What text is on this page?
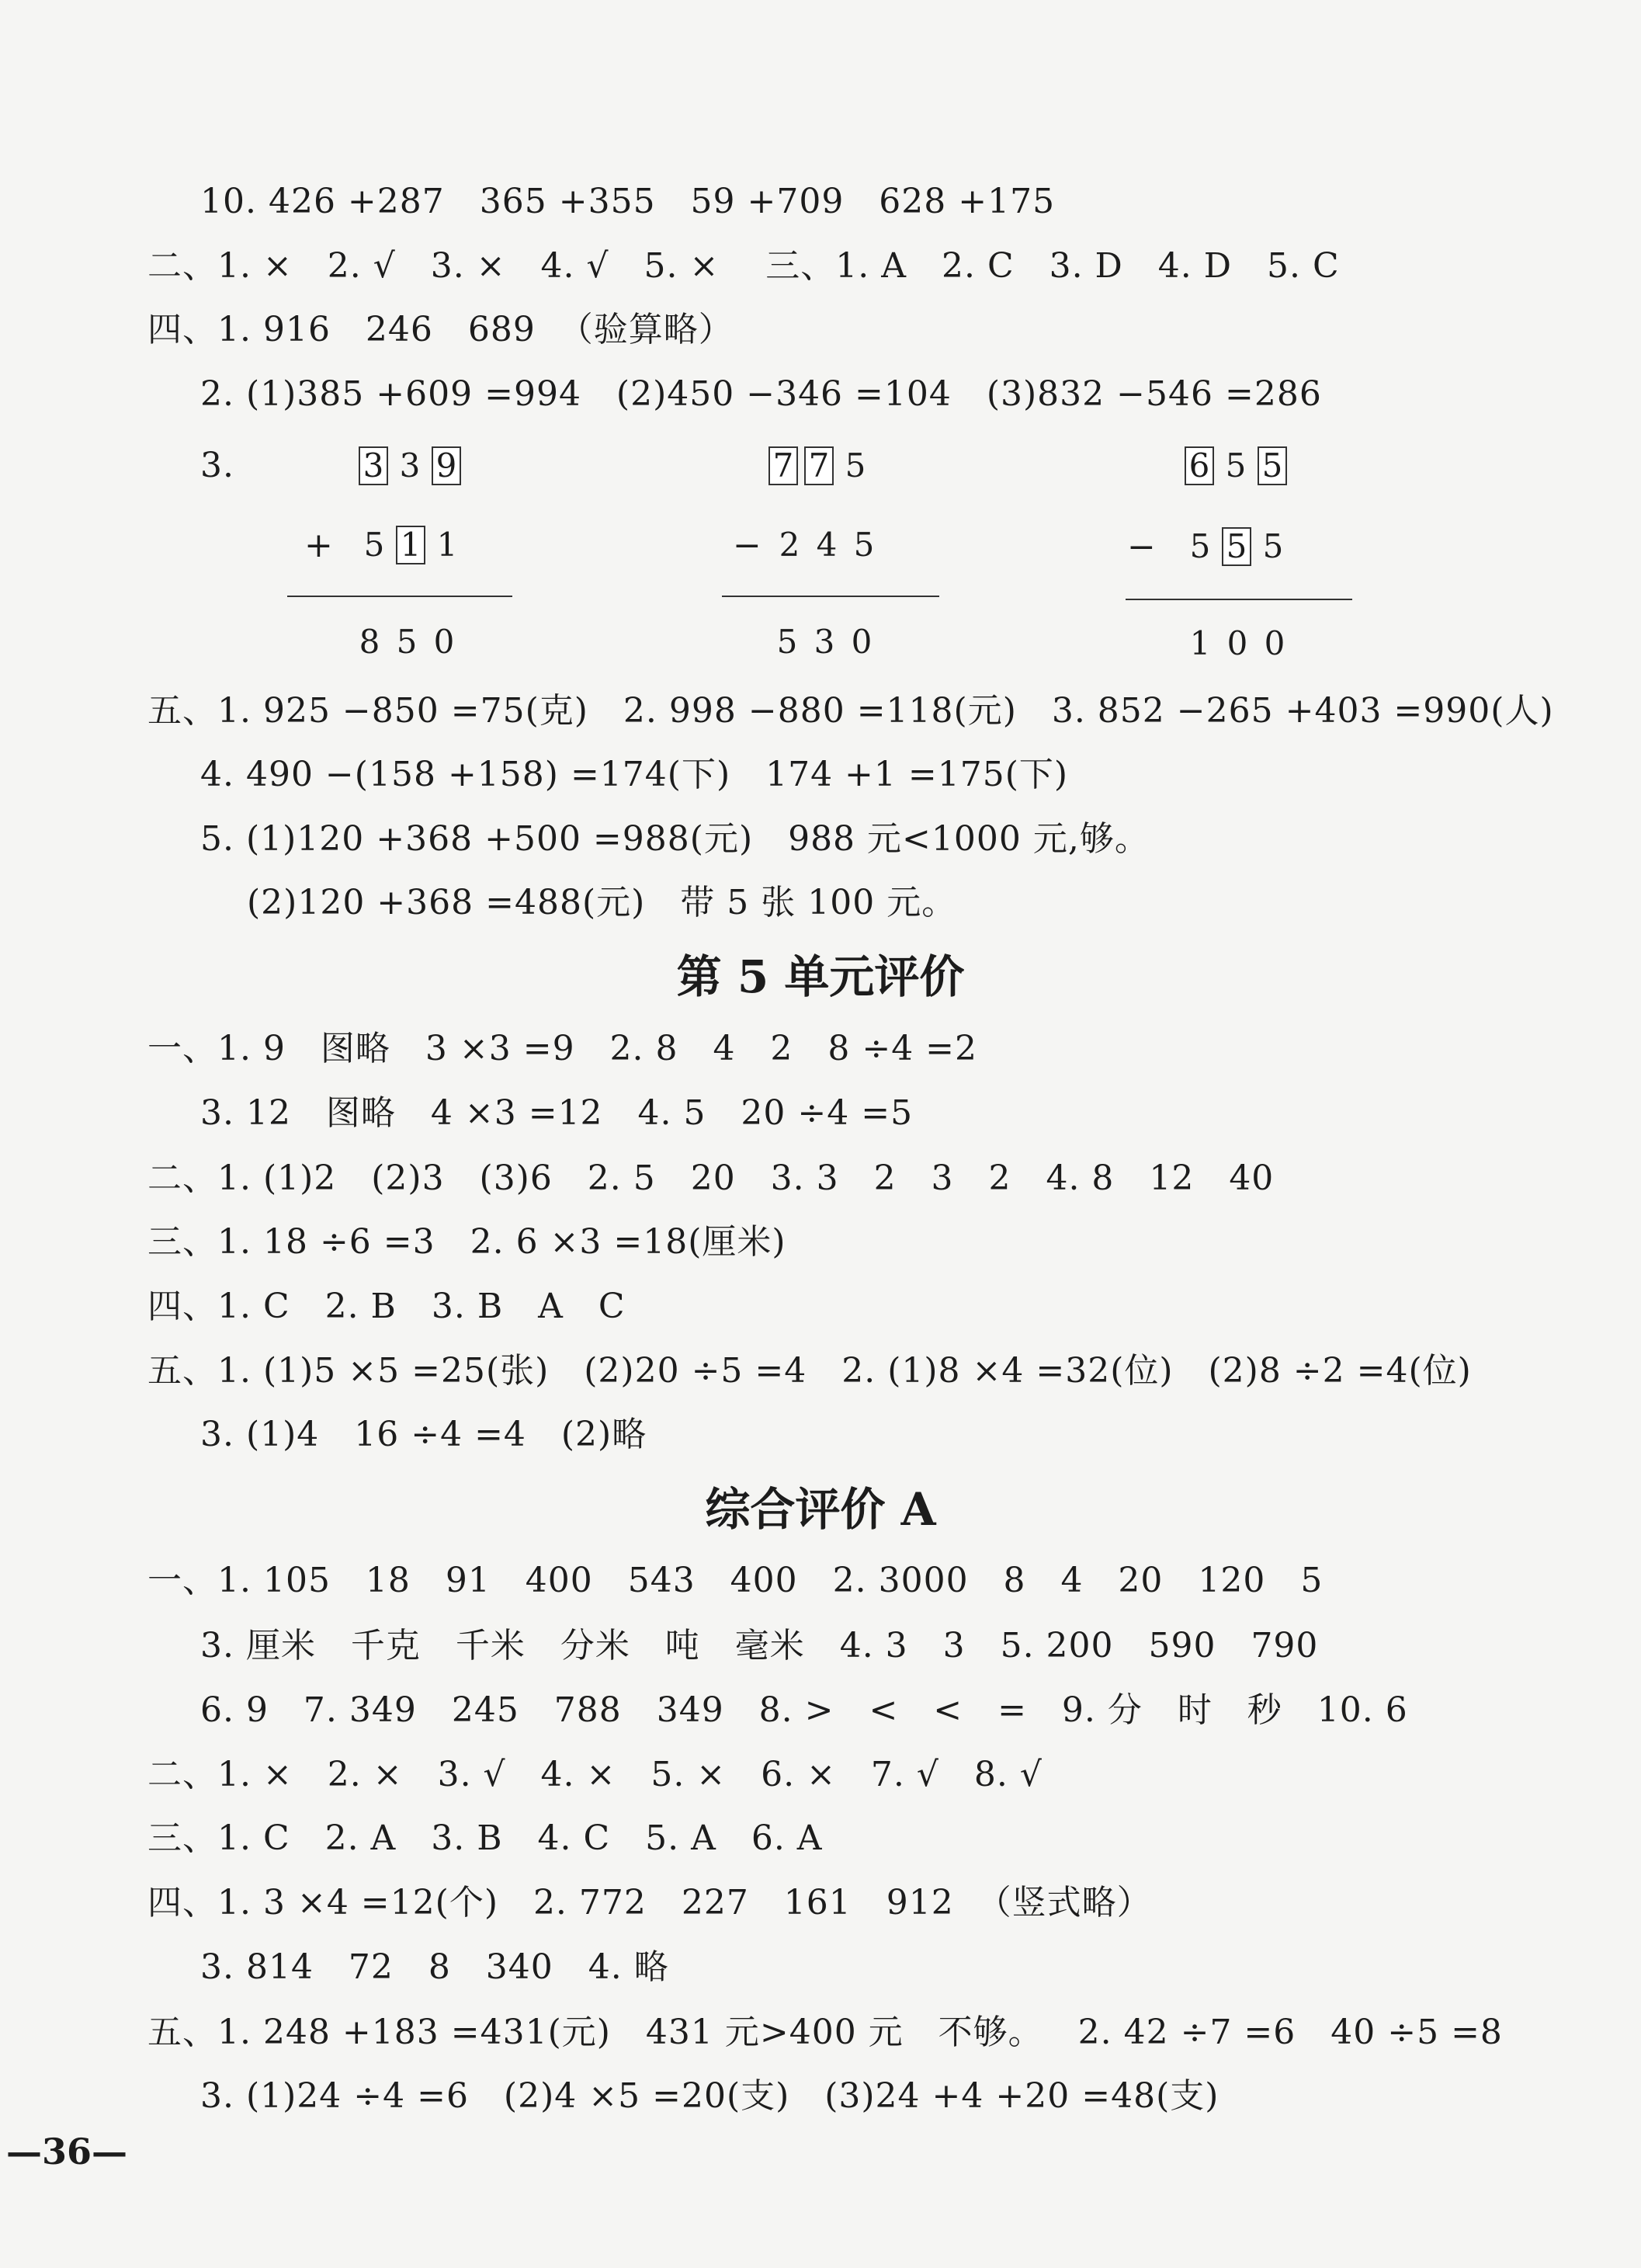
10. 426 +287   365 +355   59 +709   628 +175
二、1. ×   2. √   3. ×   4. √   5. ×    三、1. A   2. C   3. D   4. D   5. C
四、1. 916   246   689  （验算略）
2. (1)385 +609 =994   (2)450 −346 =104   (3)832 −546 =286
3.	3 3 9
+ 5 1 1
8 5 0
7 7 5
− 2 4 5
5 3 0
6 5 5
− 5 5 5
1 0 0
五、1. 925 −850 =75(克)   2. 998 −880 =118(元)   3. 852 −265 +403 =990(人)
4. 490 −(158 +158) =174(下)   174 +1 =175(下)
5. (1)120 +368 +500 =988(元)   988 元<1000 元,够。
(2)120 +368 =488(元)   带 5 张 100 元。
第 5 单元评价
一、1. 9   图略   3 ×3 =9   2. 8   4   2   8 ÷4 =2
3. 12   图略   4 ×3 =12   4. 5   20 ÷4 =5
二、1. (1)2   (2)3   (3)6   2. 5   20   3. 3   2   3   2   4. 8   12   40
三、1. 18 ÷6 =3   2. 6 ×3 =18(厘米)
四、1. C   2. B   3. B   A   C
五、1. (1)5 ×5 =25(张)   (2)20 ÷5 =4   2. (1)8 ×4 =32(位)   (2)8 ÷2 =4(位)
3. (1)4   16 ÷4 =4   (2)略
综合评价 A
一、1. 105   18   91   400   543   400   2. 3000   8   4   20   120   5
3. 厘米   千克   千米   分米   吨   毫米   4. 3   3   5. 200   590   790
6. 9   7. 349   245   788   349   8. >   <   <   =   9. 分   时   秒   10. 6
二、1. ×   2. ×   3. √   4. ×   5. ×   6. ×   7. √   8. √
三、1. C   2. A   3. B   4. C   5. A   6. A
四、1. 3 ×4 =12(个)   2. 772   227   161   912  （竖式略）
3. 814   72   8   340   4. 略
五、1. 248 +183 =431(元)   431 元>400 元   不够。   2. 42 ÷7 =6   40 ÷5 =8
3. (1)24 ÷4 =6   (2)4 ×5 =20(支)   (3)24 +4 +20 =48(支)
—36—
